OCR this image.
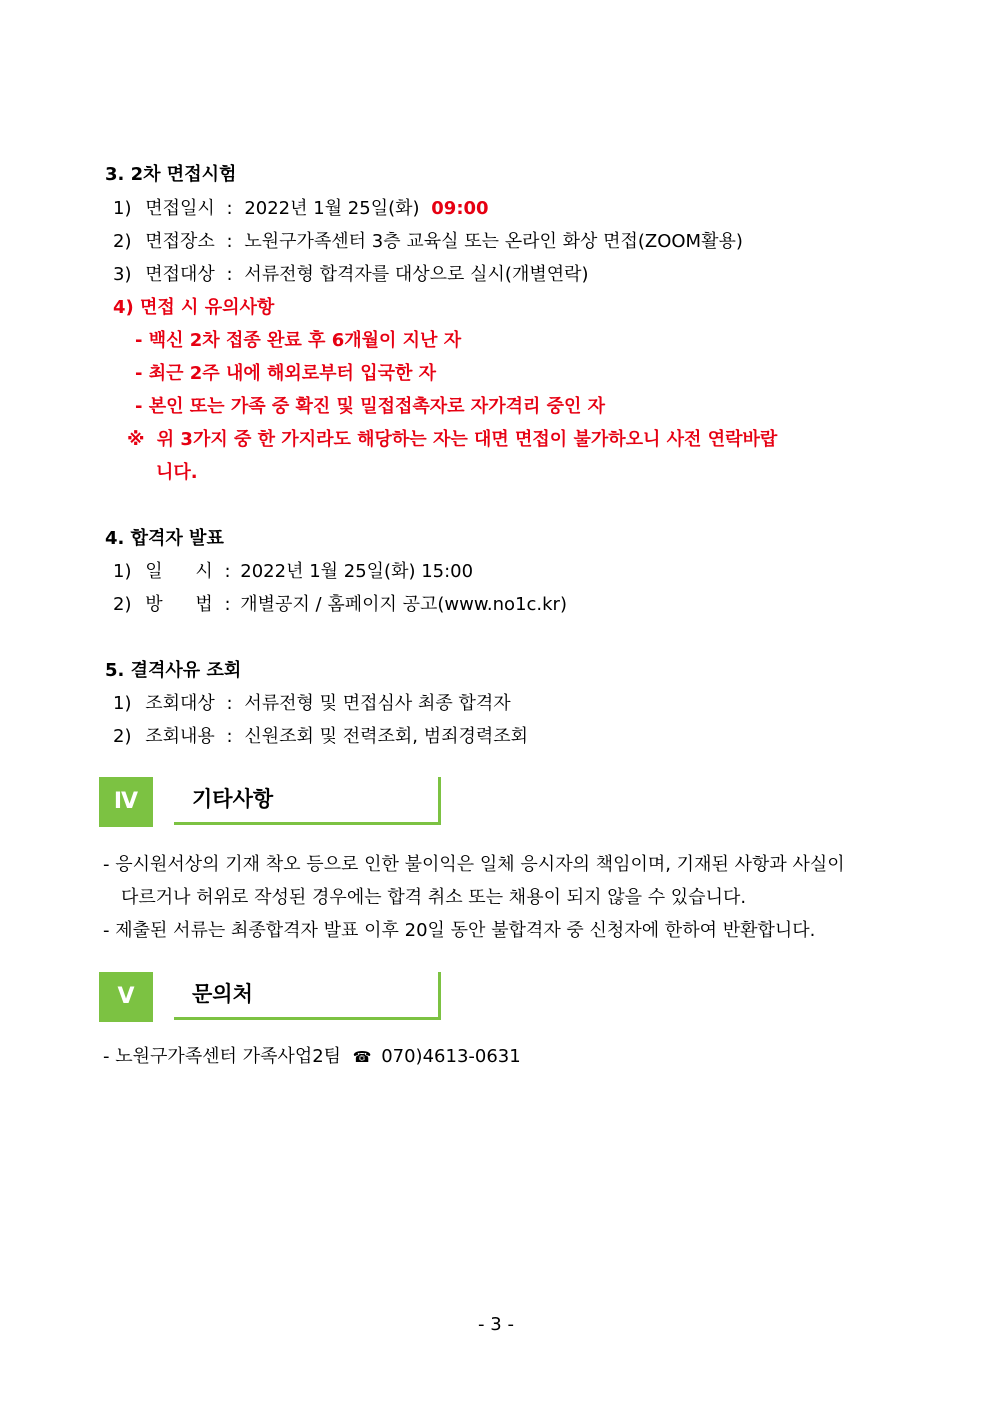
3. 2차 면접시험
1) 면접일시 : 2022년 1월 25일(화) 09:00
2) 면접장소 : 노원구가족센터 3층 교육실 또는 온라인 화상 면접(ZOOM활용)
3) 면접대상 : 서류전형 합격자를 대상으로 실시(개별연락)
4) 면접 시 유의사항
- 백신 2차 접종 완료 후 6개월이 지난 자
- 최근 2주 내에 해외로부터 입국한 자
- 본인 또는 가족 중 확진 및 밀접접촉자로 자가격리 중인 자
※ 위 3가지 중 한 가지라도 해당하는 자는 대면 면접이 불가하오니 사전 연락바랍
니다.
4. 합격자 발표
1) 일 시 : 2022년 1월 25일(화) 15:00
2) 방 법 : 개별공지 / 홈페이지 공고(www.no1c.kr)
5. 결격사유 조회
1) 조회대상 : 서류전형 및 면접심사 최종 합격자
2) 조회내용 : 신원조회 및 전력조회, 범죄경력조회
Ⅳ	기타사항
- 응시원서상의 기재 착오 등으로 인한 불이익은 일체 응시자의 책임이며, 기재된 사항과 사실이
다르거나 허위로 작성된 경우에는 합격 취소 또는 채용이 되지 않을 수 있습니다.
- 제출된 서류는 최종합격자 발표 이후 20일 동안 불합격자 중 신청자에 한하여 반환합니다.
Ⅴ	문의처
- 노원구가족센터 가족사업2팀 ☎ 070)4613-0631
- 3 -
